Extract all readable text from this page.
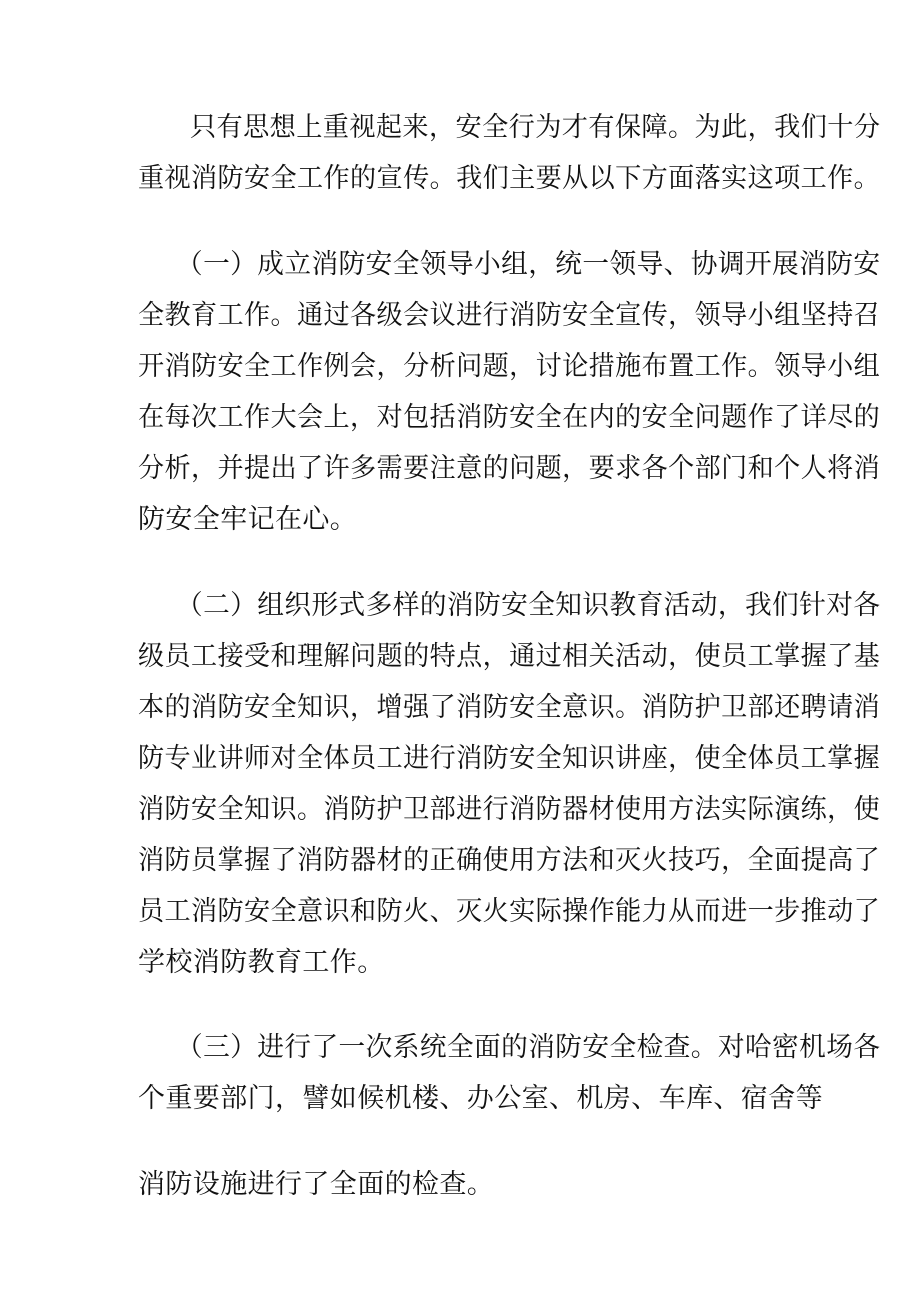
只有思想上重视起来，安全行为才有保障。为此，我们十分
重视消防安全工作的宣传。我们主要从以下方面落实这项工作。
（一）成立消防安全领导小组，统一领导、协调开展消防安
全教育工作。通过各级会议进行消防安全宣传，领导小组坚持召
开消防安全工作例会，分析问题，讨论措施布置工作。领导小组
在每次工作大会上，对包括消防安全在内的安全问题作了详尽的
分析，并提出了许多需要注意的问题，要求各个部门和个人将消
防安全牢记在心。
（二）组织形式多样的消防安全知识教育活动，我们针对各
级员工接受和理解问题的特点，通过相关活动，使员工掌握了基
本的消防安全知识，增强了消防安全意识。消防护卫部还聘请消
防专业讲师对全体员工进行消防安全知识讲座，使全体员工掌握
消防安全知识。消防护卫部进行消防器材使用方法实际演练，使
消防员掌握了消防器材的正确使用方法和灭火技巧，全面提高了
员工消防安全意识和防火、灭火实际操作能力从而进一步推动了
学校消防教育工作。
（三）进行了一次系统全面的消防安全检查。对哈密机场各
个重要部门，譬如候机楼、办公室、机房、车库、宿舍等
消防设施进行了全面的检查。
